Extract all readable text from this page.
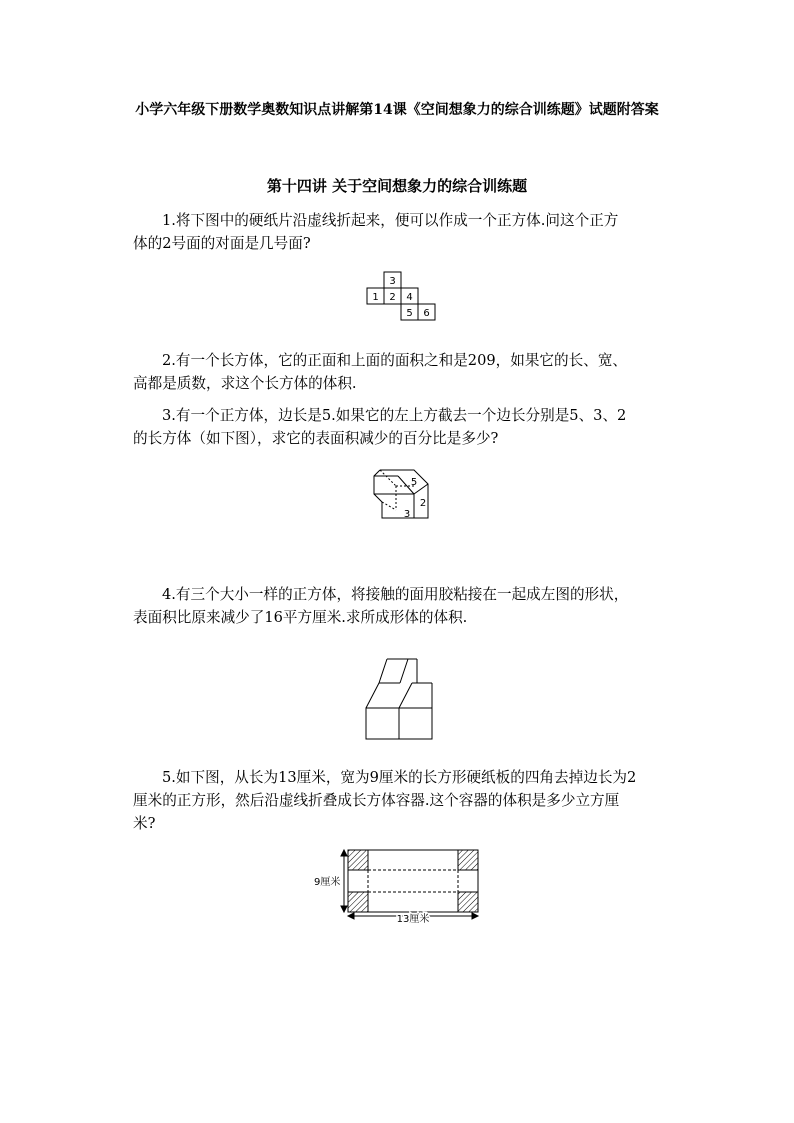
小学六年级下册数学奥数知识点讲解第14课《空间想象力的综合训练题》试题附答案
第十四讲 关于空间想象力的综合训练题
1.将下图中的硬纸片沿虚线折起来，便可以作成一个正方体.问这个正方
体的2号面的对面是几号面?
1 2
3
4
5 6
2.有一个长方体，它的正面和上面的面积之和是209，如果它的长、宽、
高都是质数，求这个长方体的体积.
3.有一个正方体，边长是5.如果它的左上方截去一个边长分别是5、3、2
的长方体（如下图），求它的表面积减少的百分比是多少?
5
2
3
4.有三个大小一样的正方体，将接触的面用胶粘接在一起成左图的形状，
表面积比原来减少了16平方厘米.求所成形体的体积.
5.如下图，从长为13厘米，宽为9厘米的长方形硬纸板的四角去掉边长为2
厘米的正方形，然后沿虚线折叠成长方体容器.这个容器的体积是多少立方厘
米?
9厘米
13厘米
